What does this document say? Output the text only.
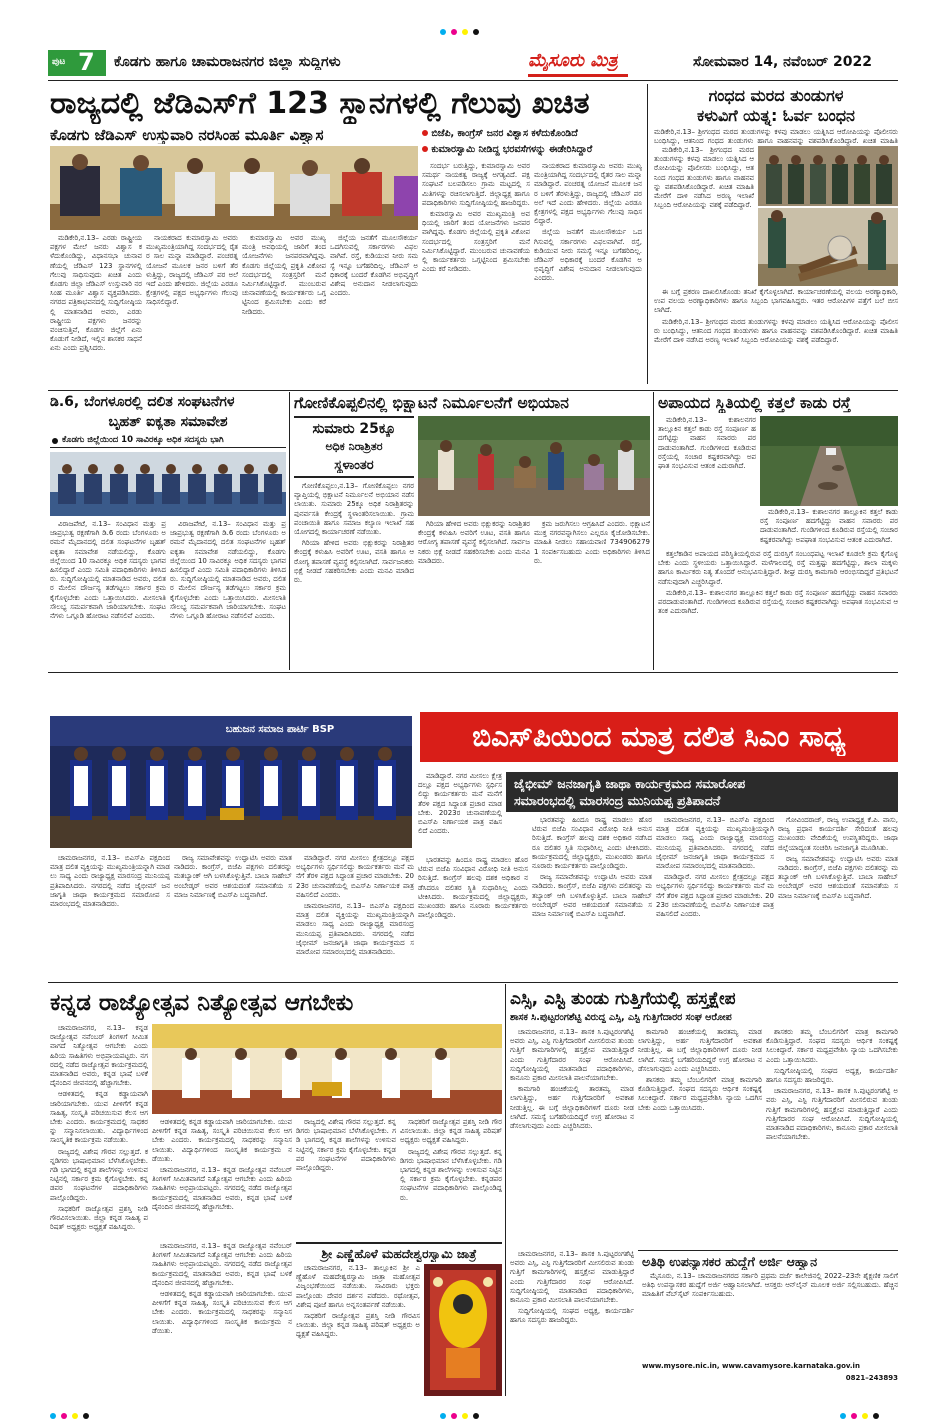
ಪುಟ 7 ಕೊಡಗು ಹಾಗೂ ಚಾಮರಾಜನಗರ ಜಿಲ್ಲಾ ಸುದ್ದಿಗಳು	ಮೈಸೂರು ಮಿತ್ರ	ಸೋಮವಾರ 14, ನವೆಂಬರ್ 2022
ರಾಜ್ಯದಲ್ಲಿ ಜೆಡಿಎಸ್‌ಗೆ 123 ಸ್ಥಾನಗಳಲ್ಲಿ ಗೆಲುವು ಖಚಿತ
ಕೊಡಗು ಜೆಡಿಎಸ್ ಉಸ್ತುವಾರಿ ನರಸಿಂಹ ಮೂರ್ತಿ ವಿಶ್ವಾಸ	ಬಿಜೆಪಿ, ಕಾಂಗ್ರೆಸ್ ಜನರ ವಿಶ್ವಾಸ ಕಳೆದುಕೊಂಡಿದೆ
ಕುಮಾರಸ್ವಾಮಿ ನೀಡಿದ್ದ ಭರವಸೆಗಳನ್ನು ಈಡೇರಿಸಿದ್ದಾರೆ

ಮಡಿಕೇರಿ,ನ.13– ಎರಡು ರಾಷ್ಟ್ರೀಯ ಪಕ್ಷಗಳ ಮೇಲೆ ಜನರು ವಿಶ್ವಾಸ ಕಳೆದುಕೊಂಡಿದ್ದು, ವಿಧಾನಸಭಾ ಚುನಾವಣೆಯಲ್ಲಿ ಜೆಡಿಎಸ್ 123 ಸ್ಥಾನಗಳಲ್ಲಿ ಗೆಲುವು ಸಾಧಿಸುವುದು ಖಚಿತ ಎಂದು ಕೊಡಗು ಜಿಲ್ಲಾ ಜೆಡಿಎಸ್ ಉಸ್ತುವಾರಿ ನರಸಿಂಹ ಮೂರ್ತಿ ವಿಶ್ವಾಸ ವ್ಯಕ್ತಪಡಿಸಿದರು. ನಗರದ ಪತ್ರಿಕಾಭವನದಲ್ಲಿ ಸುದ್ದಿಗೋಷ್ಠಿಯಲ್ಲಿ ಮಾತನಾಡಿದ ಅವರು, ಎರಡು ರಾಷ್ಟ್ರೀಯ ಪಕ್ಷಗಳು ಜನರನ್ನು ವಂಚಿಸುತ್ತಿವೆ, ಕೊಡಗು ಜಿಲ್ಲೆಗೆ ಏನು ಕೊಡುಗೆ ನೀಡಿದೆ, ಇಲ್ಲಿನ ಶಾಸಕರ ಸಾಧನೆ ಏನು ಎಂದು ಪ್ರಶ್ನಿಸಿದರು.

ನಾಯಕರಾದ ಕುಮಾರಸ್ವಾಮಿ ಅವರು ಮುಖ್ಯಮಂತ್ರಿಯಾಗಿದ್ದ ಸಂದರ್ಭದಲ್ಲಿ ರೈತರ ಸಾಲ ಮನ್ನಾ ಮಾಡಿದ್ದಾರೆ. ಪಂಚರತ್ನ ಯೋಜನೆ ಮೂಲಕ ಜನರ ಬಳಿಗೆ ತೆರಳುತ್ತಿದ್ದು, ರಾಜ್ಯದಲ್ಲಿ ಜೆಡಿಎಸ್ ಪರ ಅಲೆ ಇದೆ ಎಂದು ಹೇಳಿದರು. ಜಿಲ್ಲೆಯ ಎರಡೂ ಕ್ಷೇತ್ರಗಳಲ್ಲಿ ಪಕ್ಷದ ಅಭ್ಯರ್ಥಿಗಳು ಗೆಲುವು ಸಾಧಿಸಲಿದ್ದಾರೆ.

ಕುಮಾರಸ್ವಾಮಿ ಅವರ ಮುಖ್ಯಮಂತ್ರಿ ಅವಧಿಯಲ್ಲಿ ಜಾರಿಗೆ ತಂದ ಯೋಜನೆಗಳು ಜನಪರವಾಗಿದ್ದವು. ಕೊಡಗು ಜಿಲ್ಲೆಯಲ್ಲಿ ಪ್ರಕೃತಿ ವಿಕೋಪ ಸಂದರ್ಭದಲ್ಲಿ ಸಂತ್ರಸ್ತರಿಗೆ ಮನೆ ನಿರ್ಮಿಸಿಕೊಟ್ಟಿದ್ದಾರೆ. ಮುಂಬರುವ ಚುನಾವಣೆಯಲ್ಲಿ ಕಾರ್ಯಕರ್ತರು ಒಗ್ಗಟ್ಟಿನಿಂದ ಶ್ರಮಿಸಬೇಕು ಎಂದು ಕರೆ ನೀಡಿದರು.

ಜಿಲ್ಲೆಯ ಜನತೆಗೆ ಮೂಲಸೌಕರ್ಯ ಒದಗಿಸುವಲ್ಲಿ ಸರ್ಕಾರಗಳು ವಿಫಲವಾಗಿವೆ. ರಸ್ತೆ, ಕುಡಿಯುವ ನೀರು ಸಮಸ್ಯೆ ಇನ್ನೂ ಬಗೆಹರಿದಿಲ್ಲ. ಜೆಡಿಎಸ್ ಅಧಿಕಾರಕ್ಕೆ ಬಂದರೆ ಕೊಡಗಿನ ಅಭಿವೃದ್ಧಿಗೆ ವಿಶೇಷ ಅನುದಾನ ನೀಡಲಾಗುವುದು ಎಂದರು.

ಸಂದರ್ಭ ಬರುತ್ತಿದ್ದು, ಕುಮಾರಸ್ವಾಮಿ ಅವರ ಸಮರ್ಥ ನಾಯಕತ್ವ ರಾಜ್ಯಕ್ಕೆ ಅಗತ್ಯವಿದೆ. ಪಕ್ಷ ಸಂಘಟನೆ ಬಲಪಡಿಸಲು ಗ್ರಾಮ ಮಟ್ಟದಲ್ಲಿ ಸಮಿತಿಗಳನ್ನು ರಚಿಸಲಾಗುತ್ತಿದೆ. ಜಿಲ್ಲಾಧ್ಯಕ್ಷ ಹಾಗೂ ಪದಾಧಿಕಾರಿಗಳು ಸುದ್ದಿಗೋಷ್ಠಿಯಲ್ಲಿ ಹಾಜರಿದ್ದರು.

ಕುಮಾರಸ್ವಾಮಿ ಅವರ ಮುಖ್ಯಮಂತ್ರಿ ಅವಧಿಯಲ್ಲಿ ಜಾರಿಗೆ ತಂದ ಯೋಜನೆಗಳು ಜನಪರವಾಗಿದ್ದವು. ಕೊಡಗು ಜಿಲ್ಲೆಯಲ್ಲಿ ಪ್ರಕೃತಿ ವಿಕೋಪ ಸಂದರ್ಭದಲ್ಲಿ ಸಂತ್ರಸ್ತರಿಗೆ ಮನೆ ನಿರ್ಮಿಸಿಕೊಟ್ಟಿದ್ದಾರೆ. ಮುಂಬರುವ ಚುನಾವಣೆಯಲ್ಲಿ ಕಾರ್ಯಕರ್ತರು ಒಗ್ಗಟ್ಟಿನಿಂದ ಶ್ರಮಿಸಬೇಕು ಎಂದು ಕರೆ ನೀಡಿದರು.

ನಾಯಕರಾದ ಕುಮಾರಸ್ವಾಮಿ ಅವರು ಮುಖ್ಯಮಂತ್ರಿಯಾಗಿದ್ದ ಸಂದರ್ಭದಲ್ಲಿ ರೈತರ ಸಾಲ ಮನ್ನಾ ಮಾಡಿದ್ದಾರೆ. ಪಂಚರತ್ನ ಯೋಜನೆ ಮೂಲಕ ಜನರ ಬಳಿಗೆ ತೆರಳುತ್ತಿದ್ದು, ರಾಜ್ಯದಲ್ಲಿ ಜೆಡಿಎಸ್ ಪರ ಅಲೆ ಇದೆ ಎಂದು ಹೇಳಿದರು. ಜಿಲ್ಲೆಯ ಎರಡೂ ಕ್ಷೇತ್ರಗಳಲ್ಲಿ ಪಕ್ಷದ ಅಭ್ಯರ್ಥಿಗಳು ಗೆಲುವು ಸಾಧಿಸಲಿದ್ದಾರೆ.

ಜಿಲ್ಲೆಯ ಜನತೆಗೆ ಮೂಲಸೌಕರ್ಯ ಒದಗಿಸುವಲ್ಲಿ ಸರ್ಕಾರಗಳು ವಿಫಲವಾಗಿವೆ. ರಸ್ತೆ, ಕುಡಿಯುವ ನೀರು ಸಮಸ್ಯೆ ಇನ್ನೂ ಬಗೆಹರಿದಿಲ್ಲ. ಜೆಡಿಎಸ್ ಅಧಿಕಾರಕ್ಕೆ ಬಂದರೆ ಕೊಡಗಿನ ಅಭಿವೃದ್ಧಿಗೆ ವಿಶೇಷ ಅನುದಾನ ನೀಡಲಾಗುವುದು ಎಂದರು.

ಗಂಧದ ಮರದ ತುಂಡುಗಳ
ಕಳುವಿಗೆ ಯತ್ನ: ಓರ್ವ ಬಂಧನ
ಮಡಿಕೇರಿ,ನ.13– ಶ್ರೀಗಂಧದ ಮರದ ತುಂಡುಗಳನ್ನು ಕಳವು ಮಾಡಲು ಯತ್ನಿಸಿದ ಆರೋಪಿಯನ್ನು ಪೊಲೀಸರು ಬಂಧಿಸಿದ್ದು, ಆತನಿಂದ ಗಂಧದ ತುಂಡುಗಳು ಹಾಗೂ ವಾಹನವನ್ನು ವಶಪಡಿಸಿಕೊಂಡಿದ್ದಾರೆ. ಖಚಿತ ಮಾಹಿತಿ

ಮಡಿಕೇರಿ,ನ.13– ಶ್ರೀಗಂಧದ ಮರದ ತುಂಡುಗಳನ್ನು ಕಳವು ಮಾಡಲು ಯತ್ನಿಸಿದ ಆರೋಪಿಯನ್ನು ಪೊಲೀಸರು ಬಂಧಿಸಿದ್ದು, ಆತನಿಂದ ಗಂಧದ ತುಂಡುಗಳು ಹಾಗೂ ವಾಹನವನ್ನು ವಶಪಡಿಸಿಕೊಂಡಿದ್ದಾರೆ. ಖಚಿತ ಮಾಹಿತಿ ಮೇರೆಗೆ ದಾಳಿ ನಡೆಸಿದ ಅರಣ್ಯ ಇಲಾಖೆ ಸಿಬ್ಬಂದಿ ಆರೋಪಿಯನ್ನು ವಶಕ್ಕೆ ಪಡೆದಿದ್ದಾರೆ.

ಈ ಬಗ್ಗೆ ಪ್ರಕರಣ ದಾಖಲಿಸಿಕೊಂಡು ತನಿಖೆ ಕೈಗೊಳ್ಳಲಾಗಿದೆ. ಕಾರ್ಯಾಚರಣೆಯಲ್ಲಿ ವಲಯ ಅರಣ್ಯಾಧಿಕಾರಿ, ಉಪ ವಲಯ ಅರಣ್ಯಾಧಿಕಾರಿಗಳು ಹಾಗೂ ಸಿಬ್ಬಂದಿ ಭಾಗವಹಿಸಿದ್ದರು. ಇತರ ಆರೋಪಿಗಳ ಪತ್ತೆಗೆ ಬಲೆ ಬೀಸಲಾಗಿದೆ.

ಮಡಿಕೇರಿ,ನ.13– ಶ್ರೀಗಂಧದ ಮರದ ತುಂಡುಗಳನ್ನು ಕಳವು ಮಾಡಲು ಯತ್ನಿಸಿದ ಆರೋಪಿಯನ್ನು ಪೊಲೀಸರು ಬಂಧಿಸಿದ್ದು, ಆತನಿಂದ ಗಂಧದ ತುಂಡುಗಳು ಹಾಗೂ ವಾಹನವನ್ನು ವಶಪಡಿಸಿಕೊಂಡಿದ್ದಾರೆ. ಖಚಿತ ಮಾಹಿತಿ ಮೇರೆಗೆ ದಾಳಿ ನಡೆಸಿದ ಅರಣ್ಯ ಇಲಾಖೆ ಸಿಬ್ಬಂದಿ ಆರೋಪಿಯನ್ನು ವಶಕ್ಕೆ ಪಡೆದಿದ್ದಾರೆ.

ಡಿ.6, ಬೆಂಗಳೂರಲ್ಲಿ ದಲಿತ ಸಂಘಟನೆಗಳ
ಬೃಹತ್ ಐಕ್ಯತಾ ಸಮಾವೇಶ
ಕೊಡಗು ಜಿಲ್ಲೆಯಿಂದ 10 ಸಾವಿರಕ್ಕೂ ಅಧಿಕ ಸದಸ್ಯರು ಭಾಗಿ

ವಿರಾಜಪೇಟೆ, ನ.13– ಸಂವಿಧಾನ ಮತ್ತು ಪ್ರಜಾಪ್ರಭುತ್ವ ರಕ್ಷಣೆಗಾಗಿ ಡಿ.6 ರಂದು ಬೆಂಗಳೂರು ಅರಮನೆ ಮೈದಾನದಲ್ಲಿ ದಲಿತ ಸಂಘಟನೆಗಳ ಬೃಹತ್ ಐಕ್ಯತಾ ಸಮಾವೇಶ ನಡೆಯಲಿದ್ದು, ಕೊಡಗು ಜಿಲ್ಲೆಯಿಂದ 10 ಸಾವಿರಕ್ಕೂ ಅಧಿಕ ಸದಸ್ಯರು ಭಾಗವಹಿಸಲಿದ್ದಾರೆ ಎಂದು ಸಮಿತಿ ಪದಾಧಿಕಾರಿಗಳು ತಿಳಿಸಿದರು. ಸುದ್ದಿಗೋಷ್ಠಿಯಲ್ಲಿ ಮಾತನಾಡಿದ ಅವರು, ದಲಿತರ ಮೇಲಿನ ದೌರ್ಜನ್ಯ ತಡೆಗಟ್ಟಲು ಸರ್ಕಾರ ಕ್ರಮ ಕೈಗೊಳ್ಳಬೇಕು ಎಂದು ಒತ್ತಾಯಿಸಿದರು. ಮೀಸಲಾತಿ ಸೌಲಭ್ಯ ಸಮರ್ಪಕವಾಗಿ ಜಾರಿಯಾಗಬೇಕು. ಸಂಘಟನೆಗಳು ಒಗ್ಗೂಡಿ ಹೋರಾಟ ನಡೆಸಲಿವೆ ಎಂದರು.

ವಿರಾಜಪೇಟೆ, ನ.13– ಸಂವಿಧಾನ ಮತ್ತು ಪ್ರಜಾಪ್ರಭುತ್ವ ರಕ್ಷಣೆಗಾಗಿ ಡಿ.6 ರಂದು ಬೆಂಗಳೂರು ಅರಮನೆ ಮೈದಾನದಲ್ಲಿ ದಲಿತ ಸಂಘಟನೆಗಳ ಬೃಹತ್ ಐಕ್ಯತಾ ಸಮಾವೇಶ ನಡೆಯಲಿದ್ದು, ಕೊಡಗು ಜಿಲ್ಲೆಯಿಂದ 10 ಸಾವಿರಕ್ಕೂ ಅಧಿಕ ಸದಸ್ಯರು ಭಾಗವಹಿಸಲಿದ್ದಾರೆ ಎಂದು ಸಮಿತಿ ಪದಾಧಿಕಾರಿಗಳು ತಿಳಿಸಿದರು. ಸುದ್ದಿಗೋಷ್ಠಿಯಲ್ಲಿ ಮಾತನಾಡಿದ ಅವರು, ದಲಿತರ ಮೇಲಿನ ದೌರ್ಜನ್ಯ ತಡೆಗಟ್ಟಲು ಸರ್ಕಾರ ಕ್ರಮ ಕೈಗೊಳ್ಳಬೇಕು ಎಂದು ಒತ್ತಾಯಿಸಿದರು. ಮೀಸಲಾತಿ ಸೌಲಭ್ಯ ಸಮರ್ಪಕವಾಗಿ ಜಾರಿಯಾಗಬೇಕು. ಸಂಘಟನೆಗಳು ಒಗ್ಗೂಡಿ ಹೋರಾಟ ನಡೆಸಲಿವೆ ಎಂದರು.

ಗೋಣಿಕೊಪ್ಪಲಿನಲ್ಲಿ ಭಿಕ್ಷಾಟನೆ ನಿರ್ಮೂಲನೆಗೆ ಅಭಿಯಾನ
ಸುಮಾರು 25ಕ್ಕೂ
ಅಧಿಕ ನಿರಾಶ್ರಿತರ
ಸ್ಥಳಾಂತರ

ಗೋಣಿಕೊಪ್ಪಲು,ನ.13– ಗೋಣಿಕೊಪ್ಪಲು ನಗರ ವ್ಯಾಪ್ತಿಯಲ್ಲಿ ಭಿಕ್ಷಾಟನೆ ನಿರ್ಮೂಲನೆ ಅಭಿಯಾನ ನಡೆಸಲಾಯಿತು. ಸುಮಾರು 25ಕ್ಕೂ ಅಧಿಕ ನಿರಾಶ್ರಿತರನ್ನು ಪುನರ್ವಸತಿ ಕೇಂದ್ರಕ್ಕೆ ಸ್ಥಳಾಂತರಿಸಲಾಯಿತು. ಗ್ರಾಮ ಪಂಚಾಯಿತಿ ಹಾಗೂ ಸಮಾಜ ಕಲ್ಯಾಣ ಇಲಾಖೆ ಸಹಯೋಗದಲ್ಲಿ ಕಾರ್ಯಾಚರಣೆ ನಡೆಯಿತು.

ಗಿರಿಯಾ ಹೇಳಿದ ಅವರು ಭಿಕ್ಷುಕರನ್ನು ನಿರಾಶ್ರಿತರ ಕೇಂದ್ರಕ್ಕೆ ಕಳುಹಿಸಿ ಅವರಿಗೆ ಊಟ, ವಸತಿ ಹಾಗೂ ಆರೋಗ್ಯ ತಪಾಸಣೆ ವ್ಯವಸ್ಥೆ ಕಲ್ಪಿಸಲಾಗಿದೆ. ಸಾರ್ವಜನಿಕರು ಭಿಕ್ಷೆ ನೀಡದೆ ಸಹಕರಿಸಬೇಕು ಎಂದು ಮನವಿ ಮಾಡಿದರು.

ಗಿರಿಯಾ ಹೇಳಿದ ಅವರು ಭಿಕ್ಷುಕರನ್ನು ನಿರಾಶ್ರಿತರ ಕೇಂದ್ರಕ್ಕೆ ಕಳುಹಿಸಿ ಅವರಿಗೆ ಊಟ, ವಸತಿ ಹಾಗೂ ಆರೋಗ್ಯ ತಪಾಸಣೆ ವ್ಯವಸ್ಥೆ ಕಲ್ಪಿಸಲಾಗಿದೆ. ಸಾರ್ವಜನಿಕರು ಭಿಕ್ಷೆ ನೀಡದೆ ಸಹಕರಿಸಬೇಕು ಎಂದು ಮನವಿ ಮಾಡಿದರು.

ಕ್ರಮ ಜರುಗಿಸಲು ಆಗ್ರಹಿಸಿದೆ ಎಂದರು. ಭಿಕ್ಷಾಟನೆ ಮುಕ್ತ ನಗರವನ್ನಾಗಿಸಲು ಎಲ್ಲರೂ ಕೈಜೋಡಿಸಬೇಕು. ಮಾಹಿತಿ ನೀಡಲು ಸಹಾಯವಾಣಿ 7349062791 ಸಂಪರ್ಕಿಸಬಹುದು ಎಂದು ಅಧಿಕಾರಿಗಳು ತಿಳಿಸಿದರು.

ಅಪಾಯದ ಸ್ಥಿತಿಯಲ್ಲಿ ಕತ್ತಲೆ ಕಾಡು ರಸ್ತೆ

ಮಡಿಕೇರಿ,ನ.13– ಕುಶಾಲನಗರ ತಾಲ್ಲೂಕಿನ ಕತ್ತಲೆ ಕಾಡು ರಸ್ತೆ ಸಂಪೂರ್ಣ ಹದಗೆಟ್ಟಿದ್ದು ವಾಹನ ಸವಾರರು ಪರದಾಡುವಂತಾಗಿದೆ. ಗುಂಡಿಗಳಿಂದ ಕೂಡಿರುವ ರಸ್ತೆಯಲ್ಲಿ ಸಂಚಾರ ಕಷ್ಟಕರವಾಗಿದ್ದು ಅಪಘಾತ ಸಂಭವಿಸುವ ಆತಂಕ ಎದುರಾಗಿದೆ.

ಮಡಿಕೇರಿ,ನ.13– ಕುಶಾಲನಗರ ತಾಲ್ಲೂಕಿನ ಕತ್ತಲೆ ಕಾಡು ರಸ್ತೆ ಸಂಪೂರ್ಣ ಹದಗೆಟ್ಟಿದ್ದು ವಾಹನ ಸವಾರರು ಪರದಾಡುವಂತಾಗಿದೆ. ಗುಂಡಿಗಳಿಂದ ಕೂಡಿರುವ ರಸ್ತೆಯಲ್ಲಿ ಸಂಚಾರ ಕಷ್ಟಕರವಾಗಿದ್ದು ಅಪಘಾತ ಸಂಭವಿಸುವ ಆತಂಕ ಎದುರಾಗಿದೆ.

ಕತ್ತಲೆಕಾಡಿನ ಅಪಾಯದ ಪರಿಸ್ಥಿತಿಯಲ್ಲಿರುವ ರಸ್ತೆ ದುರಸ್ತಿಗೆ ಸಂಬಂಧಪಟ್ಟ ಇಲಾಖೆ ಕೂಡಲೇ ಕ್ರಮ ಕೈಗೊಳ್ಳಬೇಕು ಎಂದು ಸ್ಥಳೀಯರು ಒತ್ತಾಯಿಸಿದ್ದಾರೆ. ಮಳೆಗಾಲದಲ್ಲಿ ರಸ್ತೆ ಮತ್ತಷ್ಟು ಹದಗೆಟ್ಟಿದ್ದು, ಶಾಲಾ ಮಕ್ಕಳು ಹಾಗೂ ಕಾರ್ಮಿಕರು ನಿತ್ಯ ತೊಂದರೆ ಅನುಭವಿಸುತ್ತಿದ್ದಾರೆ. ಶೀಘ್ರ ದುರಸ್ತಿ ಕಾಮಗಾರಿ ಆರಂಭಿಸದಿದ್ದರೆ ಪ್ರತಿಭಟನೆ ನಡೆಸುವುದಾಗಿ ಎಚ್ಚರಿಸಿದ್ದಾರೆ.

ಮಡಿಕೇರಿ,ನ.13– ಕುಶಾಲನಗರ ತಾಲ್ಲೂಕಿನ ಕತ್ತಲೆ ಕಾಡು ರಸ್ತೆ ಸಂಪೂರ್ಣ ಹದಗೆಟ್ಟಿದ್ದು ವಾಹನ ಸವಾರರು ಪರದಾಡುವಂತಾಗಿದೆ. ಗುಂಡಿಗಳಿಂದ ಕೂಡಿರುವ ರಸ್ತೆಯಲ್ಲಿ ಸಂಚಾರ ಕಷ್ಟಕರವಾಗಿದ್ದು ಅಪಘಾತ ಸಂಭವಿಸುವ ಆತಂಕ ಎದುರಾಗಿದೆ.

ಬಹುಜನ ಸಮಾಜ ಪಾರ್ಟಿ BSP	ಬಿಎಸ್‌ಪಿಯಿಂದ ಮಾತ್ರ ದಲಿತ ಸಿಎಂ ಸಾಧ್ಯ
ಜೈಭೀಮ್ ಜನಜಾಗೃತಿ ಜಾಥಾ ಕಾರ್ಯಕ್ರಮದ ಸಮಾರೋಪ
ಸಮಾರಂಭದಲ್ಲಿ ಮಾರಸಂದ್ರ ಮುನಿಯಪ್ಪ ಪ್ರತಿಪಾದನೆ

ಮಾಡಿದ್ದಾರೆ. ನಗರ ಮೀಸಲು ಕ್ಷೇತ್ರದಲ್ಲೂ ಪಕ್ಷದ ಅಭ್ಯರ್ಥಿಗಳು ಸ್ಪರ್ಧಿಸಲಿದ್ದು ಕಾರ್ಯಕರ್ತರು ಮನೆ ಮನೆಗೆ ತೆರಳಿ ಪಕ್ಷದ ಸಿದ್ಧಾಂತ ಪ್ರಚಾರ ಮಾಡಬೇಕು. 2023ರ ಚುನಾವಣೆಯಲ್ಲಿ ಬಿಎಸ್‌ಪಿ ನಿರ್ಣಾಯಕ ಪಾತ್ರ ವಹಿಸಲಿದೆ ಎಂದರು.

ಚಾಮರಾಜನಗರ, ನ.13– ಬಿಎಸ್‌ಪಿ ಪಕ್ಷದಿಂದ ಮಾತ್ರ ದಲಿತ ವ್ಯಕ್ತಿಯನ್ನು ಮುಖ್ಯಮಂತ್ರಿಯನ್ನಾಗಿ ಮಾಡಲು ಸಾಧ್ಯ ಎಂದು ರಾಜ್ಯಾಧ್ಯಕ್ಷ ಮಾರಸಂದ್ರ ಮುನಿಯಪ್ಪ ಪ್ರತಿಪಾದಿಸಿದರು. ನಗರದಲ್ಲಿ ನಡೆದ ಜೈಭೀಮ್ ಜನಜಾಗೃತಿ ಜಾಥಾ ಕಾರ್ಯಕ್ರಮದ ಸಮಾರೋಪ ಸಮಾರಂಭದಲ್ಲಿ ಮಾತನಾಡಿದರು.

ರಾಜ್ಯ ಸಮಾವೇಶವನ್ನು ಉದ್ಘಾಟಿಸಿ ಅವರು ಮಾತನಾಡಿದರು. ಕಾಂಗ್ರೆಸ್, ಬಿಜೆಪಿ ಪಕ್ಷಗಳು ದಲಿತರನ್ನು ಮತಬ್ಯಾಂಕ್ ಆಗಿ ಬಳಸಿಕೊಳ್ಳುತ್ತಿವೆ. ಬಾಬಾ ಸಾಹೇಬ್ ಅಂಬೇಡ್ಕರ್ ಅವರ ಆಶಯದಂತೆ ಸಮಾನತೆಯ ಸಮಾಜ ನಿರ್ಮಾಣಕ್ಕೆ ಬಿಎಸ್‌ಪಿ ಬದ್ಧವಾಗಿದೆ.

ಮಾಡಿದ್ದಾರೆ. ನಗರ ಮೀಸಲು ಕ್ಷೇತ್ರದಲ್ಲೂ ಪಕ್ಷದ ಅಭ್ಯರ್ಥಿಗಳು ಸ್ಪರ್ಧಿಸಲಿದ್ದು ಕಾರ್ಯಕರ್ತರು ಮನೆ ಮನೆಗೆ ತೆರಳಿ ಪಕ್ಷದ ಸಿದ್ಧಾಂತ ಪ್ರಚಾರ ಮಾಡಬೇಕು. 2023ರ ಚುನಾವಣೆಯಲ್ಲಿ ಬಿಎಸ್‌ಪಿ ನಿರ್ಣಾಯಕ ಪಾತ್ರ ವಹಿಸಲಿದೆ ಎಂದರು.

ಚಾಮರಾಜನಗರ, ನ.13– ಬಿಎಸ್‌ಪಿ ಪಕ್ಷದಿಂದ ಮಾತ್ರ ದಲಿತ ವ್ಯಕ್ತಿಯನ್ನು ಮುಖ್ಯಮಂತ್ರಿಯನ್ನಾಗಿ ಮಾಡಲು ಸಾಧ್ಯ ಎಂದು ರಾಜ್ಯಾಧ್ಯಕ್ಷ ಮಾರಸಂದ್ರ ಮುನಿಯಪ್ಪ ಪ್ರತಿಪಾದಿಸಿದರು. ನಗರದಲ್ಲಿ ನಡೆದ ಜೈಭೀಮ್ ಜನಜಾಗೃತಿ ಜಾಥಾ ಕಾರ್ಯಕ್ರಮದ ಸಮಾರೋಪ ಸಮಾರಂಭದಲ್ಲಿ ಮಾತನಾಡಿದರು.

ಭಾರತವನ್ನು ಹಿಂದೂ ರಾಷ್ಟ್ರ ಮಾಡಲು ಹೊರಟಿರುವ ಬಿಜೆಪಿ ಸಂವಿಧಾನ ವಿರೋಧಿ ನೀತಿ ಅನುಸರಿಸುತ್ತಿದೆ. ಕಾಂಗ್ರೆಸ್ ಹಲವು ದಶಕ ಅಧಿಕಾರ ನಡೆಸಿದರೂ ದಲಿತರ ಸ್ಥಿತಿ ಸುಧಾರಿಸಿಲ್ಲ ಎಂದು ಟೀಕಿಸಿದರು. ಕಾರ್ಯಕ್ರಮದಲ್ಲಿ ಜಿಲ್ಲಾಧ್ಯಕ್ಷರು, ಮುಖಂಡರು ಹಾಗೂ ನೂರಾರು ಕಾರ್ಯಕರ್ತರು ಪಾಲ್ಗೊಂಡಿದ್ದರು.

ಭಾರತವನ್ನು ಹಿಂದೂ ರಾಷ್ಟ್ರ ಮಾಡಲು ಹೊರಟಿರುವ ಬಿಜೆಪಿ ಸಂವಿಧಾನ ವಿರೋಧಿ ನೀತಿ ಅನುಸರಿಸುತ್ತಿದೆ. ಕಾಂಗ್ರೆಸ್ ಹಲವು ದಶಕ ಅಧಿಕಾರ ನಡೆಸಿದರೂ ದಲಿತರ ಸ್ಥಿತಿ ಸುಧಾರಿಸಿಲ್ಲ ಎಂದು ಟೀಕಿಸಿದರು. ಕಾರ್ಯಕ್ರಮದಲ್ಲಿ ಜಿಲ್ಲಾಧ್ಯಕ್ಷರು, ಮುಖಂಡರು ಹಾಗೂ ನೂರಾರು ಕಾರ್ಯಕರ್ತರು ಪಾಲ್ಗೊಂಡಿದ್ದರು.

ರಾಜ್ಯ ಸಮಾವೇಶವನ್ನು ಉದ್ಘಾಟಿಸಿ ಅವರು ಮಾತನಾಡಿದರು. ಕಾಂಗ್ರೆಸ್, ಬಿಜೆಪಿ ಪಕ್ಷಗಳು ದಲಿತರನ್ನು ಮತಬ್ಯಾಂಕ್ ಆಗಿ ಬಳಸಿಕೊಳ್ಳುತ್ತಿವೆ. ಬಾಬಾ ಸಾಹೇಬ್ ಅಂಬೇಡ್ಕರ್ ಅವರ ಆಶಯದಂತೆ ಸಮಾನತೆಯ ಸಮಾಜ ನಿರ್ಮಾಣಕ್ಕೆ ಬಿಎಸ್‌ಪಿ ಬದ್ಧವಾಗಿದೆ.

ಚಾಮರಾಜನಗರ, ನ.13– ಬಿಎಸ್‌ಪಿ ಪಕ್ಷದಿಂದ ಮಾತ್ರ ದಲಿತ ವ್ಯಕ್ತಿಯನ್ನು ಮುಖ್ಯಮಂತ್ರಿಯನ್ನಾಗಿ ಮಾಡಲು ಸಾಧ್ಯ ಎಂದು ರಾಜ್ಯಾಧ್ಯಕ್ಷ ಮಾರಸಂದ್ರ ಮುನಿಯಪ್ಪ ಪ್ರತಿಪಾದಿಸಿದರು. ನಗರದಲ್ಲಿ ನಡೆದ ಜೈಭೀಮ್ ಜನಜಾಗೃತಿ ಜಾಥಾ ಕಾರ್ಯಕ್ರಮದ ಸಮಾರೋಪ ಸಮಾರಂಭದಲ್ಲಿ ಮಾತನಾಡಿದರು.

ಮಾಡಿದ್ದಾರೆ. ನಗರ ಮೀಸಲು ಕ್ಷೇತ್ರದಲ್ಲೂ ಪಕ್ಷದ ಅಭ್ಯರ್ಥಿಗಳು ಸ್ಪರ್ಧಿಸಲಿದ್ದು ಕಾರ್ಯಕರ್ತರು ಮನೆ ಮನೆಗೆ ತೆರಳಿ ಪಕ್ಷದ ಸಿದ್ಧಾಂತ ಪ್ರಚಾರ ಮಾಡಬೇಕು. 2023ರ ಚುನಾವಣೆಯಲ್ಲಿ ಬಿಎಸ್‌ಪಿ ನಿರ್ಣಾಯಕ ಪಾತ್ರ ವಹಿಸಲಿದೆ ಎಂದರು.

ಗೋವಿಂದರಾಜ್, ರಾಜ್ಯ ಉಪಾಧ್ಯಕ್ಷ ಕೆ.ಪಿ. ವಾಸು, ರಾಜ್ಯ ಪ್ರಧಾನ ಕಾರ್ಯದರ್ಶಿ ಸೇರಿದಂತೆ ಹಲವು ಮುಖಂಡರು ವೇದಿಕೆಯಲ್ಲಿ ಉಪಸ್ಥಿತರಿದ್ದರು. ಜಾಥಾ ಜಿಲ್ಲೆಯಾದ್ಯಂತ ಸಂಚರಿಸಿ ಜನಜಾಗೃತಿ ಮೂಡಿಸಿತು.

ರಾಜ್ಯ ಸಮಾವೇಶವನ್ನು ಉದ್ಘಾಟಿಸಿ ಅವರು ಮಾತನಾಡಿದರು. ಕಾಂಗ್ರೆಸ್, ಬಿಜೆಪಿ ಪಕ್ಷಗಳು ದಲಿತರನ್ನು ಮತಬ್ಯಾಂಕ್ ಆಗಿ ಬಳಸಿಕೊಳ್ಳುತ್ತಿವೆ. ಬಾಬಾ ಸಾಹೇಬ್ ಅಂಬೇಡ್ಕರ್ ಅವರ ಆಶಯದಂತೆ ಸಮಾನತೆಯ ಸಮಾಜ ನಿರ್ಮಾಣಕ್ಕೆ ಬಿಎಸ್‌ಪಿ ಬದ್ಧವಾಗಿದೆ.

ಕನ್ನಡ ರಾಜ್ಯೋತ್ಸವ ನಿತ್ಯೋತ್ಸವ ಆಗಬೇಕು

ಚಾಮರಾಜನಗರ, ನ.13– ಕನ್ನಡ ರಾಜ್ಯೋತ್ಸವ ನವೆಂಬರ್ ತಿಂಗಳಿಗೆ ಸೀಮಿತವಾಗದೆ ನಿತ್ಯೋತ್ಸವ ಆಗಬೇಕು ಎಂದು ಹಿರಿಯ ಸಾಹಿತಿಗಳು ಅಭಿಪ್ರಾಯಪಟ್ಟರು. ನಗರದಲ್ಲಿ ನಡೆದ ರಾಜ್ಯೋತ್ಸವ ಕಾರ್ಯಕ್ರಮದಲ್ಲಿ ಮಾತನಾಡಿದ ಅವರು, ಕನ್ನಡ ಭಾಷೆ ಬಳಕೆ ದೈನಂದಿನ ಜೀವನದಲ್ಲಿ ಹೆಚ್ಚಾಗಬೇಕು.

ಆಡಳಿತದಲ್ಲಿ ಕನ್ನಡ ಕಡ್ಡಾಯವಾಗಿ ಜಾರಿಯಾಗಬೇಕು. ಯುವ ಪೀಳಿಗೆಗೆ ಕನ್ನಡ ಸಾಹಿತ್ಯ, ಸಂಸ್ಕೃತಿ ಪರಿಚಯಿಸುವ ಕೆಲಸ ಆಗಬೇಕು ಎಂದರು. ಕಾರ್ಯಕ್ರಮದಲ್ಲಿ ಸಾಧಕರನ್ನು ಸನ್ಮಾನಿಸಲಾಯಿತು. ವಿದ್ಯಾರ್ಥಿಗಳಿಂದ ಸಾಂಸ್ಕೃತಿಕ ಕಾರ್ಯಕ್ರಮ ನಡೆಯಿತು.

ರಾಜ್ಯದಲ್ಲಿ ವಿಶೇಷ ಗೌರವ ಸಲ್ಲುತ್ತದೆ. ಕನ್ನಡಿಗರು ಭಾಷಾಭಿಮಾನ ಬೆಳೆಸಿಕೊಳ್ಳಬೇಕು. ಗಡಿ ಭಾಗದಲ್ಲಿ ಕನ್ನಡ ಶಾಲೆಗಳನ್ನು ಉಳಿಸುವ ನಿಟ್ಟಿನಲ್ಲಿ ಸರ್ಕಾರ ಕ್ರಮ ಕೈಗೊಳ್ಳಬೇಕು. ಕನ್ನಡಪರ ಸಂಘಟನೆಗಳ ಪದಾಧಿಕಾರಿಗಳು ಪಾಲ್ಗೊಂಡಿದ್ದರು.

ಸಾಧಕರಿಗೆ ರಾಜ್ಯೋತ್ಸವ ಪ್ರಶಸ್ತಿ ನೀಡಿ ಗೌರವಿಸಲಾಯಿತು. ಜಿಲ್ಲಾ ಕನ್ನಡ ಸಾಹಿತ್ಯ ಪರಿಷತ್ ಅಧ್ಯಕ್ಷರು ಅಧ್ಯಕ್ಷತೆ ವಹಿಸಿದ್ದರು.

ಆಡಳಿತದಲ್ಲಿ ಕನ್ನಡ ಕಡ್ಡಾಯವಾಗಿ ಜಾರಿಯಾಗಬೇಕು. ಯುವ ಪೀಳಿಗೆಗೆ ಕನ್ನಡ ಸಾಹಿತ್ಯ, ಸಂಸ್ಕೃತಿ ಪರಿಚಯಿಸುವ ಕೆಲಸ ಆಗಬೇಕು ಎಂದರು. ಕಾರ್ಯಕ್ರಮದಲ್ಲಿ ಸಾಧಕರನ್ನು ಸನ್ಮಾನಿಸಲಾಯಿತು. ವಿದ್ಯಾರ್ಥಿಗಳಿಂದ ಸಾಂಸ್ಕೃತಿಕ ಕಾರ್ಯಕ್ರಮ ನಡೆಯಿತು.

ಚಾಮರಾಜನಗರ, ನ.13– ಕನ್ನಡ ರಾಜ್ಯೋತ್ಸವ ನವೆಂಬರ್ ತಿಂಗಳಿಗೆ ಸೀಮಿತವಾಗದೆ ನಿತ್ಯೋತ್ಸವ ಆಗಬೇಕು ಎಂದು ಹಿರಿಯ ಸಾಹಿತಿಗಳು ಅಭಿಪ್ರಾಯಪಟ್ಟರು. ನಗರದಲ್ಲಿ ನಡೆದ ರಾಜ್ಯೋತ್ಸವ ಕಾರ್ಯಕ್ರಮದಲ್ಲಿ ಮಾತನಾಡಿದ ಅವರು, ಕನ್ನಡ ಭಾಷೆ ಬಳಕೆ ದೈನಂದಿನ ಜೀವನದಲ್ಲಿ ಹೆಚ್ಚಾಗಬೇಕು.

ರಾಜ್ಯದಲ್ಲಿ ವಿಶೇಷ ಗೌರವ ಸಲ್ಲುತ್ತದೆ. ಕನ್ನಡಿಗರು ಭಾಷಾಭಿಮಾನ ಬೆಳೆಸಿಕೊಳ್ಳಬೇಕು. ಗಡಿ ಭಾಗದಲ್ಲಿ ಕನ್ನಡ ಶಾಲೆಗಳನ್ನು ಉಳಿಸುವ ನಿಟ್ಟಿನಲ್ಲಿ ಸರ್ಕಾರ ಕ್ರಮ ಕೈಗೊಳ್ಳಬೇಕು. ಕನ್ನಡಪರ ಸಂಘಟನೆಗಳ ಪದಾಧಿಕಾರಿಗಳು ಪಾಲ್ಗೊಂಡಿದ್ದರು.

ಸಾಧಕರಿಗೆ ರಾಜ್ಯೋತ್ಸವ ಪ್ರಶಸ್ತಿ ನೀಡಿ ಗೌರವಿಸಲಾಯಿತು. ಜಿಲ್ಲಾ ಕನ್ನಡ ಸಾಹಿತ್ಯ ಪರಿಷತ್ ಅಧ್ಯಕ್ಷರು ಅಧ್ಯಕ್ಷತೆ ವಹಿಸಿದ್ದರು.

ರಾಜ್ಯದಲ್ಲಿ ವಿಶೇಷ ಗೌರವ ಸಲ್ಲುತ್ತದೆ. ಕನ್ನಡಿಗರು ಭಾಷಾಭಿಮಾನ ಬೆಳೆಸಿಕೊಳ್ಳಬೇಕು. ಗಡಿ ಭಾಗದಲ್ಲಿ ಕನ್ನಡ ಶಾಲೆಗಳನ್ನು ಉಳಿಸುವ ನಿಟ್ಟಿನಲ್ಲಿ ಸರ್ಕಾರ ಕ್ರಮ ಕೈಗೊಳ್ಳಬೇಕು. ಕನ್ನಡಪರ ಸಂಘಟನೆಗಳ ಪದಾಧಿಕಾರಿಗಳು ಪಾಲ್ಗೊಂಡಿದ್ದರು.

ಚಾಮರಾಜನಗರ, ನ.13– ಕನ್ನಡ ರಾಜ್ಯೋತ್ಸವ ನವೆಂಬರ್ ತಿಂಗಳಿಗೆ ಸೀಮಿತವಾಗದೆ ನಿತ್ಯೋತ್ಸವ ಆಗಬೇಕು ಎಂದು ಹಿರಿಯ ಸಾಹಿತಿಗಳು ಅಭಿಪ್ರಾಯಪಟ್ಟರು. ನಗರದಲ್ಲಿ ನಡೆದ ರಾಜ್ಯೋತ್ಸವ ಕಾರ್ಯಕ್ರಮದಲ್ಲಿ ಮಾತನಾಡಿದ ಅವರು, ಕನ್ನಡ ಭಾಷೆ ಬಳಕೆ ದೈನಂದಿನ ಜೀವನದಲ್ಲಿ ಹೆಚ್ಚಾಗಬೇಕು.

ಆಡಳಿತದಲ್ಲಿ ಕನ್ನಡ ಕಡ್ಡಾಯವಾಗಿ ಜಾರಿಯಾಗಬೇಕು. ಯುವ ಪೀಳಿಗೆಗೆ ಕನ್ನಡ ಸಾಹಿತ್ಯ, ಸಂಸ್ಕೃತಿ ಪರಿಚಯಿಸುವ ಕೆಲಸ ಆಗಬೇಕು ಎಂದರು. ಕಾರ್ಯಕ್ರಮದಲ್ಲಿ ಸಾಧಕರನ್ನು ಸನ್ಮಾನಿಸಲಾಯಿತು. ವಿದ್ಯಾರ್ಥಿಗಳಿಂದ ಸಾಂಸ್ಕೃತಿಕ ಕಾರ್ಯಕ್ರಮ ನಡೆಯಿತು.

ಶ್ರೀ ಎಣ್ಣೆಹೊಳೆ ಮಹದೇಶ್ವರಸ್ವಾಮಿ ಜಾತ್ರೆ

ಚಾಮರಾಜನಗರ, ನ.13– ತಾಲ್ಲೂಕಿನ ಶ್ರೀ ಎಣ್ಣೆಹೊಳೆ ಮಹದೇಶ್ವರಸ್ವಾಮಿ ಜಾತ್ರಾ ಮಹೋತ್ಸವ ವಿಜೃಂಭಣೆಯಿಂದ ನಡೆಯಿತು. ಸಾವಿರಾರು ಭಕ್ತರು ಪಾಲ್ಗೊಂಡು ದೇವರ ದರ್ಶನ ಪಡೆದರು. ರಥೋತ್ಸವ, ವಿಶೇಷ ಪೂಜೆ ಹಾಗೂ ಅನ್ನಸಂತರ್ಪಣೆ ನಡೆಯಿತು.

ಸಾಧಕರಿಗೆ ರಾಜ್ಯೋತ್ಸವ ಪ್ರಶಸ್ತಿ ನೀಡಿ ಗೌರವಿಸಲಾಯಿತು. ಜಿಲ್ಲಾ ಕನ್ನಡ ಸಾಹಿತ್ಯ ಪರಿಷತ್ ಅಧ್ಯಕ್ಷರು ಅಧ್ಯಕ್ಷತೆ ವಹಿಸಿದ್ದರು.

ಎಸ್ಸಿ, ಎಸ್ಟಿ ತುಂಡು ಗುತ್ತಿಗೆಯಲ್ಲಿ ಹಸ್ತಕ್ಷೇಪ
ಶಾಸಕ ಸಿ.ಪುಟ್ಟರಂಗಶೆಟ್ಟಿ ವಿರುದ್ಧ ಎಸ್ಸಿ, ಎಸ್ಟಿ ಗುತ್ತಿಗೆದಾರರ ಸಂಘ ಆರೋಪ

ಚಾಮರಾಜನಗರ, ನ.13– ಶಾಸಕ ಸಿ.ಪುಟ್ಟರಂಗಶೆಟ್ಟಿ ಅವರು ಎಸ್ಸಿ, ಎಸ್ಟಿ ಗುತ್ತಿಗೆದಾರರಿಗೆ ಮೀಸಲಿರುವ ತುಂಡು ಗುತ್ತಿಗೆ ಕಾಮಗಾರಿಗಳಲ್ಲಿ ಹಸ್ತಕ್ಷೇಪ ಮಾಡುತ್ತಿದ್ದಾರೆ ಎಂದು ಗುತ್ತಿಗೆದಾರರ ಸಂಘ ಆರೋಪಿಸಿದೆ. ಸುದ್ದಿಗೋಷ್ಠಿಯಲ್ಲಿ ಮಾತನಾಡಿದ ಪದಾಧಿಕಾರಿಗಳು, ಕಾನೂನು ಪ್ರಕಾರ ಮೀಸಲಾತಿ ಪಾಲನೆಯಾಗಬೇಕು.

ಕಾಮಗಾರಿ ಹಂಚಿಕೆಯಲ್ಲಿ ತಾರತಮ್ಯ ಮಾಡಲಾಗುತ್ತಿದ್ದು, ಅರ್ಹ ಗುತ್ತಿಗೆದಾರರಿಗೆ ಅವಕಾಶ ನೀಡುತ್ತಿಲ್ಲ. ಈ ಬಗ್ಗೆ ಜಿಲ್ಲಾಧಿಕಾರಿಗಳಿಗೆ ದೂರು ನೀಡಲಾಗಿದೆ. ಸಮಸ್ಯೆ ಬಗೆಹರಿಯದಿದ್ದರೆ ಉಗ್ರ ಹೋರಾಟ ನಡೆಸಲಾಗುವುದು ಎಂದು ಎಚ್ಚರಿಸಿದರು.

ಕಾಮಗಾರಿ ಹಂಚಿಕೆಯಲ್ಲಿ ತಾರತಮ್ಯ ಮಾಡಲಾಗುತ್ತಿದ್ದು, ಅರ್ಹ ಗುತ್ತಿಗೆದಾರರಿಗೆ ಅವಕಾಶ ನೀಡುತ್ತಿಲ್ಲ. ಈ ಬಗ್ಗೆ ಜಿಲ್ಲಾಧಿಕಾರಿಗಳಿಗೆ ದೂರು ನೀಡಲಾಗಿದೆ. ಸಮಸ್ಯೆ ಬಗೆಹರಿಯದಿದ್ದರೆ ಉಗ್ರ ಹೋರಾಟ ನಡೆಸಲಾಗುವುದು ಎಂದು ಎಚ್ಚರಿಸಿದರು.

ಶಾಸಕರು ತಮ್ಮ ಬೆಂಬಲಿಗರಿಗೆ ಮಾತ್ರ ಕಾಮಗಾರಿ ಕೊಡಿಸುತ್ತಿದ್ದಾರೆ. ಸಂಘದ ಸದಸ್ಯರು ಆರ್ಥಿಕ ಸಂಕಷ್ಟಕ್ಕೆ ಸಿಲುಕಿದ್ದಾರೆ. ಸರ್ಕಾರ ಮಧ್ಯಪ್ರವೇಶಿಸಿ ನ್ಯಾಯ ಒದಗಿಸಬೇಕು ಎಂದು ಒತ್ತಾಯಿಸಿದರು.

ಶಾಸಕರು ತಮ್ಮ ಬೆಂಬಲಿಗರಿಗೆ ಮಾತ್ರ ಕಾಮಗಾರಿ ಕೊಡಿಸುತ್ತಿದ್ದಾರೆ. ಸಂಘದ ಸದಸ್ಯರು ಆರ್ಥಿಕ ಸಂಕಷ್ಟಕ್ಕೆ ಸಿಲುಕಿದ್ದಾರೆ. ಸರ್ಕಾರ ಮಧ್ಯಪ್ರವೇಶಿಸಿ ನ್ಯಾಯ ಒದಗಿಸಬೇಕು ಎಂದು ಒತ್ತಾಯಿಸಿದರು.

ಸುದ್ದಿಗೋಷ್ಠಿಯಲ್ಲಿ ಸಂಘದ ಅಧ್ಯಕ್ಷ, ಕಾರ್ಯದರ್ಶಿ ಹಾಗೂ ಸದಸ್ಯರು ಹಾಜರಿದ್ದರು.

ಚಾಮರಾಜನಗರ, ನ.13– ಶಾಸಕ ಸಿ.ಪುಟ್ಟರಂಗಶೆಟ್ಟಿ ಅವರು ಎಸ್ಸಿ, ಎಸ್ಟಿ ಗುತ್ತಿಗೆದಾರರಿಗೆ ಮೀಸಲಿರುವ ತುಂಡು ಗುತ್ತಿಗೆ ಕಾಮಗಾರಿಗಳಲ್ಲಿ ಹಸ್ತಕ್ಷೇಪ ಮಾಡುತ್ತಿದ್ದಾರೆ ಎಂದು ಗುತ್ತಿಗೆದಾರರ ಸಂಘ ಆರೋಪಿಸಿದೆ. ಸುದ್ದಿಗೋಷ್ಠಿಯಲ್ಲಿ ಮಾತನಾಡಿದ ಪದಾಧಿಕಾರಿಗಳು, ಕಾನೂನು ಪ್ರಕಾರ ಮೀಸಲಾತಿ ಪಾಲನೆಯಾಗಬೇಕು.

ಚಾಮರಾಜನಗರ, ನ.13– ಶಾಸಕ ಸಿ.ಪುಟ್ಟರಂಗಶೆಟ್ಟಿ ಅವರು ಎಸ್ಸಿ, ಎಸ್ಟಿ ಗುತ್ತಿಗೆದಾರರಿಗೆ ಮೀಸಲಿರುವ ತುಂಡು ಗುತ್ತಿಗೆ ಕಾಮಗಾರಿಗಳಲ್ಲಿ ಹಸ್ತಕ್ಷೇಪ ಮಾಡುತ್ತಿದ್ದಾರೆ ಎಂದು ಗುತ್ತಿಗೆದಾರರ ಸಂಘ ಆರೋಪಿಸಿದೆ. ಸುದ್ದಿಗೋಷ್ಠಿಯಲ್ಲಿ ಮಾತನಾಡಿದ ಪದಾಧಿಕಾರಿಗಳು, ಕಾನೂನು ಪ್ರಕಾರ ಮೀಸಲಾತಿ ಪಾಲನೆಯಾಗಬೇಕು.

ಸುದ್ದಿಗೋಷ್ಠಿಯಲ್ಲಿ ಸಂಘದ ಅಧ್ಯಕ್ಷ, ಕಾರ್ಯದರ್ಶಿ ಹಾಗೂ ಸದಸ್ಯರು ಹಾಜರಿದ್ದರು.

ಅತಿಥಿ ಉಪನ್ಯಾಸಕರ ಹುದ್ದೆಗೆ ಅರ್ಜಿ ಆಹ್ವಾನ

ಮೈಸೂರು, ನ.13– ಚಾಮರಾಜನಗರದ ಸರ್ಕಾರಿ ಪ್ರಥಮ ದರ್ಜೆ ಕಾಲೇಜಿನಲ್ಲಿ 2022–23ನೇ ಶೈಕ್ಷಣಿಕ ಸಾಲಿಗೆ ಅತಿಥಿ ಉಪನ್ಯಾಸಕರ ಹುದ್ದೆಗೆ ಅರ್ಜಿ ಆಹ್ವಾನಿಸಲಾಗಿದೆ. ಆಸಕ್ತರು ಆನ್‌ಲೈನ್ ಮೂಲಕ ಅರ್ಜಿ ಸಲ್ಲಿಸಬಹುದು. ಹೆಚ್ಚಿನ ಮಾಹಿತಿಗೆ ವೆಬ್‌ಸೈಟ್ ಸಂಪರ್ಕಿಸಬಹುದು.

www.mysore.nic.in, www.cavamysore.karnataka.gov.in
0821–243893
